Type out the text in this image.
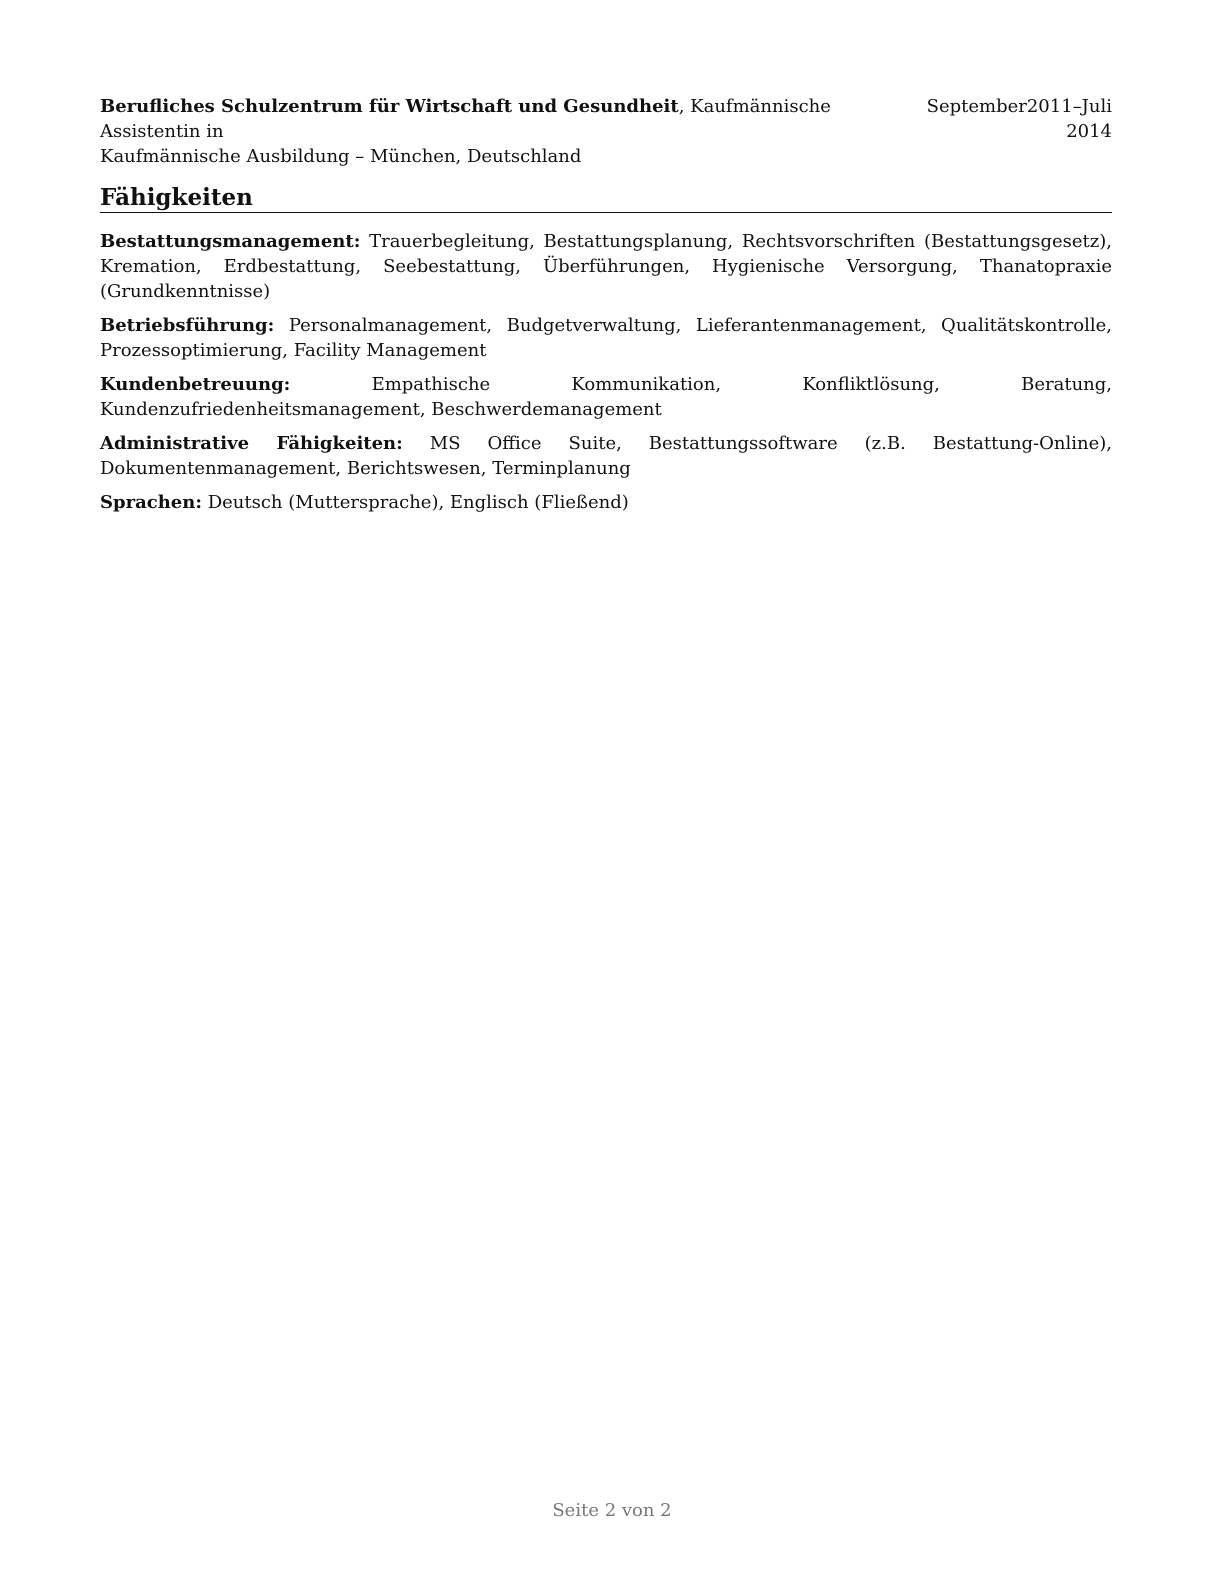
Berufliches Schulzentrum für Wirtschaft und Gesundheit, Kaufmännische Assistentin in
Kaufmännische Ausbildung – München, Deutschland
September 2011 – Juli
2014
Fähigkeiten
Bestattungsmanagement: Trauerbegleitung, Bestattungsplanung, Rechtsvorschriften (Bestattungsgesetz), Kremation, Erdbestattung, Seebestattung, Überführungen, Hygienische Versorgung, Thanatopraxie (Grundkenntnisse)
Betriebsführung: Personalmanagement, Budgetverwaltung, Lieferantenmanagement, Qualitätskontrolle, Prozessoptimierung, Facility Management
Kundenbetreuung:	Empathische Kommunikation, Konfliktlösung, Beratung, Kundenzufriedenheitsmanagement, Beschwerdemanagement
Administrative Fähigkeiten: MS Office Suite, Bestattungssoftware (z.B. Bestattung-Online), Dokumentenmanagement, Berichtswesen, Terminplanung
Sprachen: Deutsch (Muttersprache), Englisch (Fließend)
Seite 2 von 2
